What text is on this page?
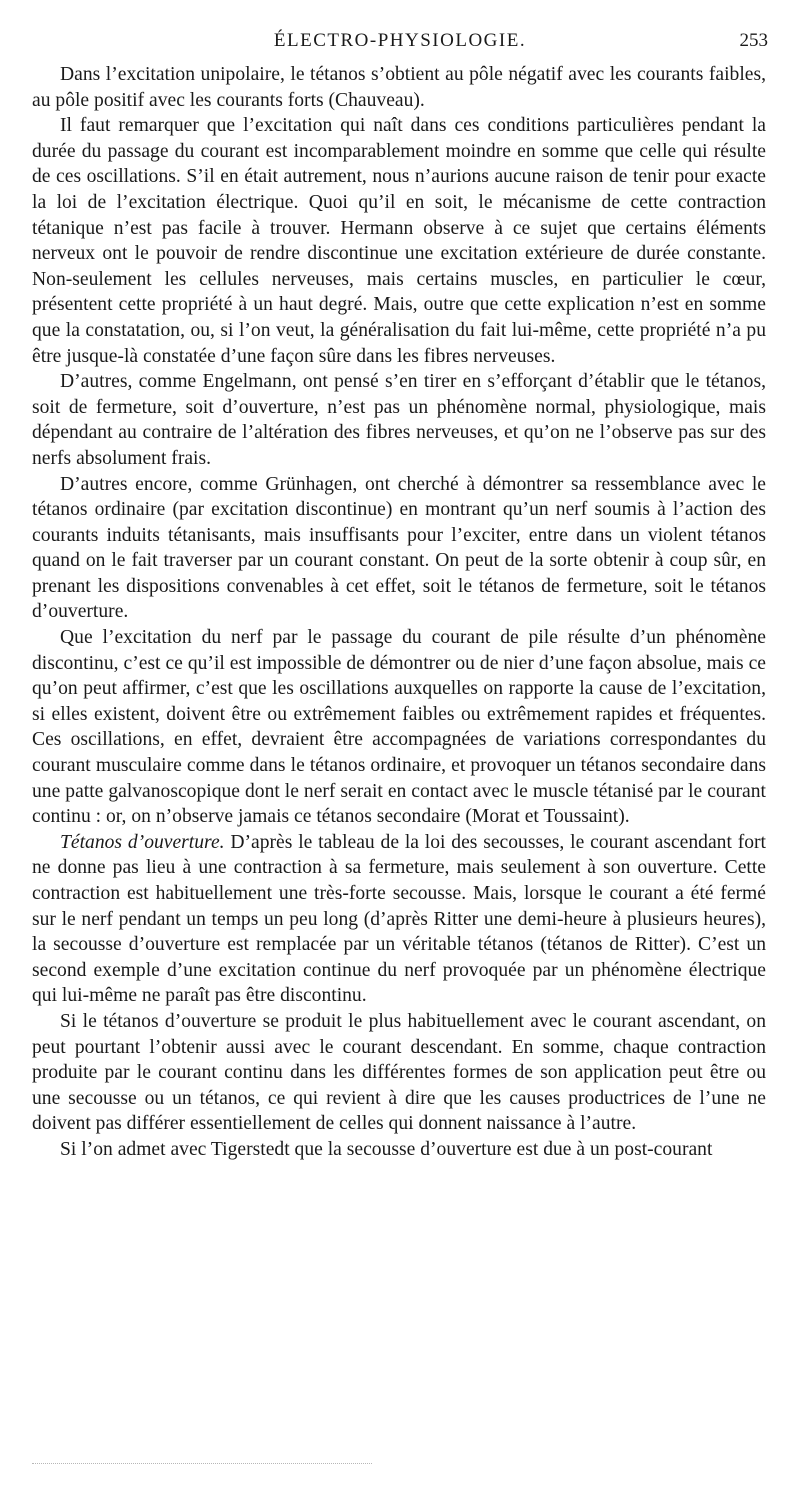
ÉLECTRO-PHYSIOLOGIE.	253

Dans l’excitation unipolaire, le tétanos s’obtient au pôle négatif avec les courants faibles, au pôle positif avec les courants forts (Chauveau).

Il faut remarquer que l’excitation qui naît dans ces conditions particulières pendant la durée du passage du courant est incomparablement moindre en somme que celle qui résulte de ces oscillations. S’il en était autrement, nous n’aurions aucune raison de tenir pour exacte la loi de l’excitation électrique. Quoi qu’il en soit, le mécanisme de cette contraction tétanique n’est pas facile à trouver. Hermann observe à ce sujet que certains éléments nerveux ont le pouvoir de rendre discontinue une excitation extérieure de durée constante. Non-seulement les cellules nerveuses, mais certains muscles, en particulier le cœur, présentent cette propriété à un haut degré. Mais, outre que cette explication n’est en somme que la constatation, ou, si l’on veut, la généralisation du fait lui-même, cette propriété n’a pu être jusque-là constatée d’une façon sûre dans les fibres nerveuses.

D’autres, comme Engelmann, ont pensé s’en tirer en s’efforçant d’établir que le tétanos, soit de fermeture, soit d’ouverture, n’est pas un phénomène normal, physiologique, mais dépendant au contraire de l’altération des fibres nerveuses, et qu’on ne l’observe pas sur des nerfs absolument frais.

D’autres encore, comme Grünhagen, ont cherché à démontrer sa ressemblance avec le tétanos ordinaire (par excitation discontinue) en montrant qu’un nerf soumis à l’action des courants induits tétanisants, mais insuffisants pour l’exciter, entre dans un violent tétanos quand on le fait traverser par un courant constant. On peut de la sorte obtenir à coup sûr, en prenant les dispositions convenables à cet effet, soit le tétanos de fermeture, soit le tétanos d’ouverture.

Que l’excitation du nerf par le passage du courant de pile résulte d’un phénomène discontinu, c’est ce qu’il est impossible de démontrer ou de nier d’une façon absolue, mais ce qu’on peut affirmer, c’est que les oscillations auxquelles on rapporte la cause de l’excitation, si elles existent, doivent être ou extrêmement faibles ou extrêmement rapides et fréquentes. Ces oscillations, en effet, devraient être accompagnées de variations correspondantes du courant musculaire comme dans le tétanos ordinaire, et provoquer un tétanos secondaire dans une patte galvanoscopique dont le nerf serait en contact avec le muscle tétanisé par le courant continu : or, on n’observe jamais ce tétanos secondaire (Morat et Toussaint).

Tétanos d’ouverture. D’après le tableau de la loi des secousses, le courant ascendant fort ne donne pas lieu à une contraction à sa fermeture, mais seulement à son ouverture. Cette contraction est habituellement une très-forte secousse. Mais, lorsque le courant a été fermé sur le nerf pendant un temps un peu long (d’après Ritter une demi-heure à plusieurs heures), la secousse d’ouverture est remplacée par un véritable tétanos (tétanos de Ritter). C’est un second exemple d’une excitation continue du nerf provoquée par un phénomène électrique qui lui-même ne paraît pas être discontinu.

Si le tétanos d’ouverture se produit le plus habituellement avec le courant ascendant, on peut pourtant l’obtenir aussi avec le courant descendant. En somme, chaque contraction produite par le courant continu dans les différentes formes de son application peut être ou une secousse ou un tétanos, ce qui revient à dire que les causes productrices de l’une ne doivent pas différer essentiellement de celles qui donnent naissance à l’autre.

Si l’on admet avec Tigerstedt que la secousse d’ouverture est due à un post-courant
